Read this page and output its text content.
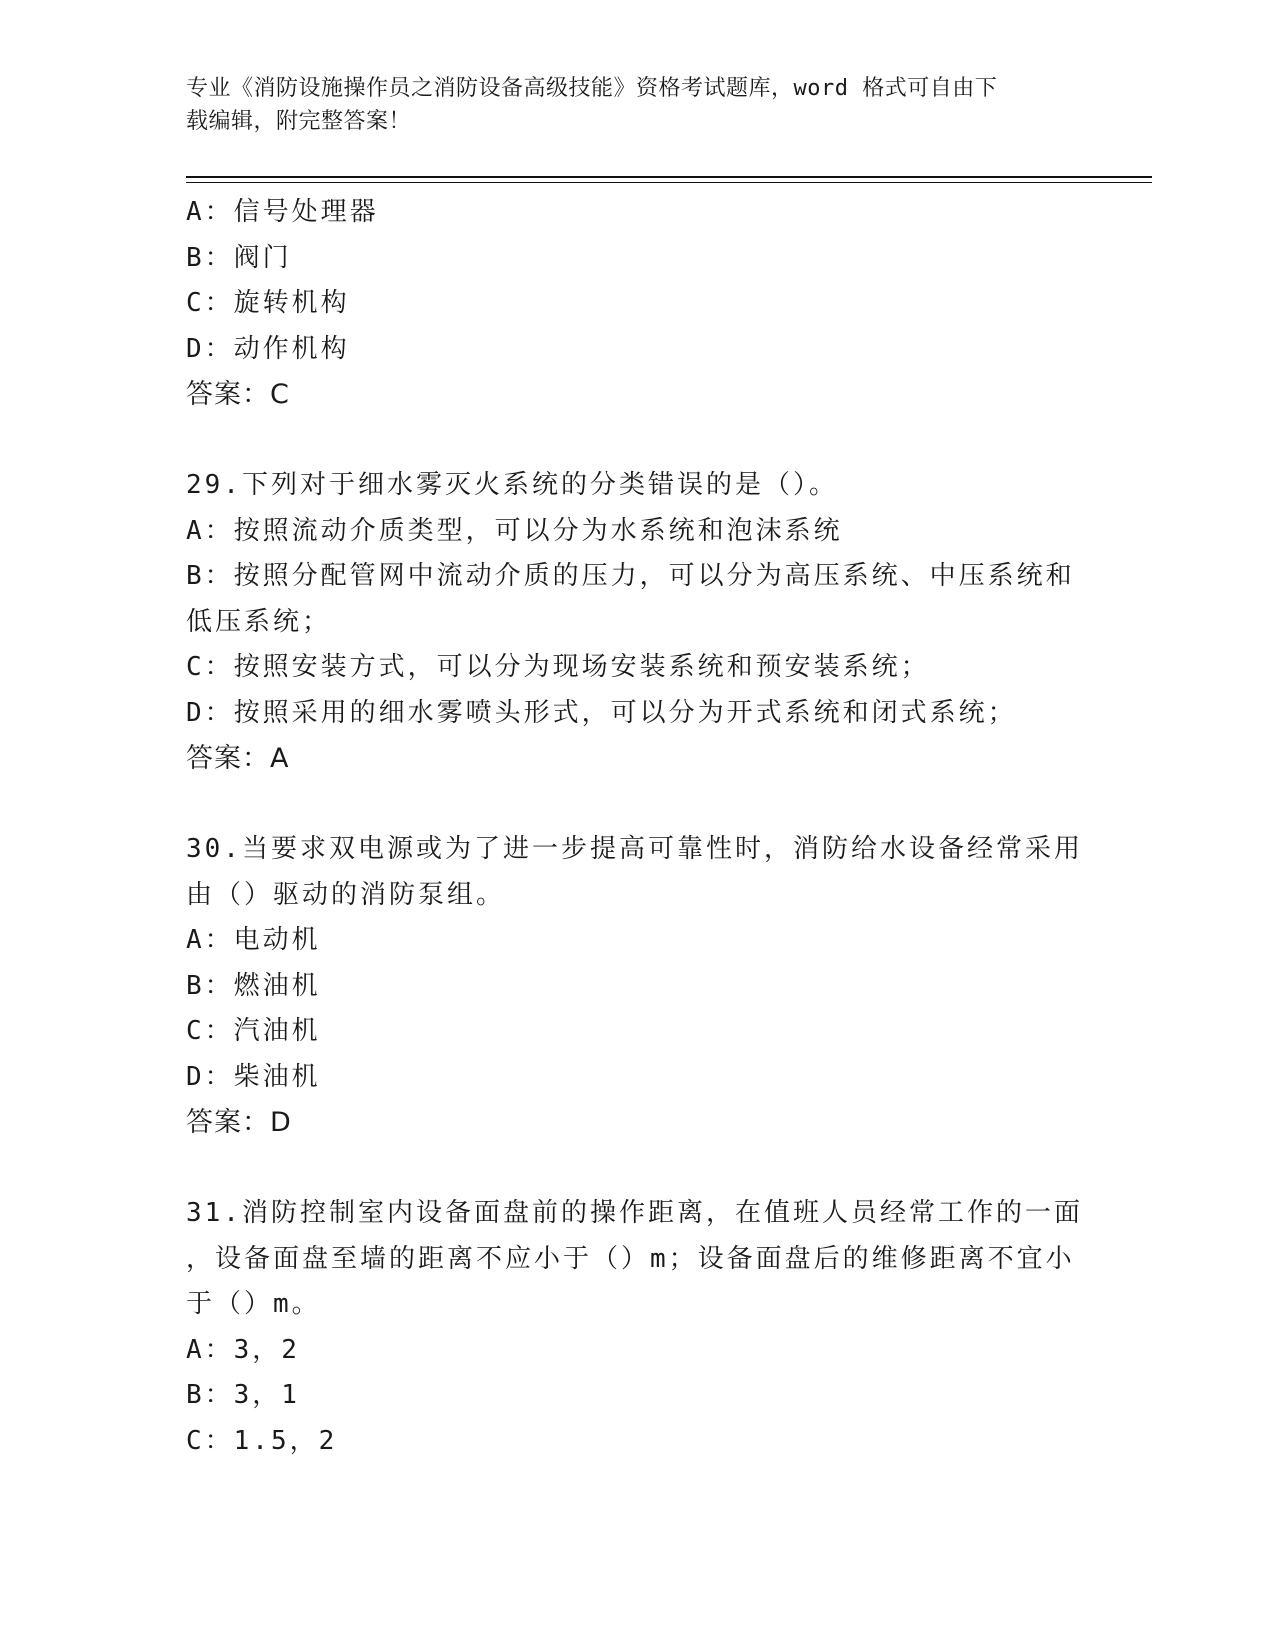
专业《消防设施操作员之消防设备高级技能》资格考试题库，word 格式可自由下
载编辑，附完整答案！
A：信号处理器
B：阀门
C：旋转机构
D：动作机构
答案：C
29.下列对于细水雾灭火系统的分类错误的是（）。
A：按照流动介质类型，可以分为水系统和泡沫系统
B：按照分配管网中流动介质的压力，可以分为高压系统、中压系统和
低压系统；
C：按照安装方式，可以分为现场安装系统和预安装系统；
D：按照采用的细水雾喷头形式，可以分为开式系统和闭式系统；
答案：A
30.当要求双电源或为了进一步提高可靠性时，消防给水设备经常采用
由（）驱动的消防泵组。
A：电动机
B：燃油机
C：汽油机
D：柴油机
答案：D
31.消防控制室内设备面盘前的操作距离，在值班人员经常工作的一面
，设备面盘至墙的距离不应小于（）m；设备面盘后的维修距离不宜小
于（）m。
A：3，2
B：3，1
C：1.5，2
